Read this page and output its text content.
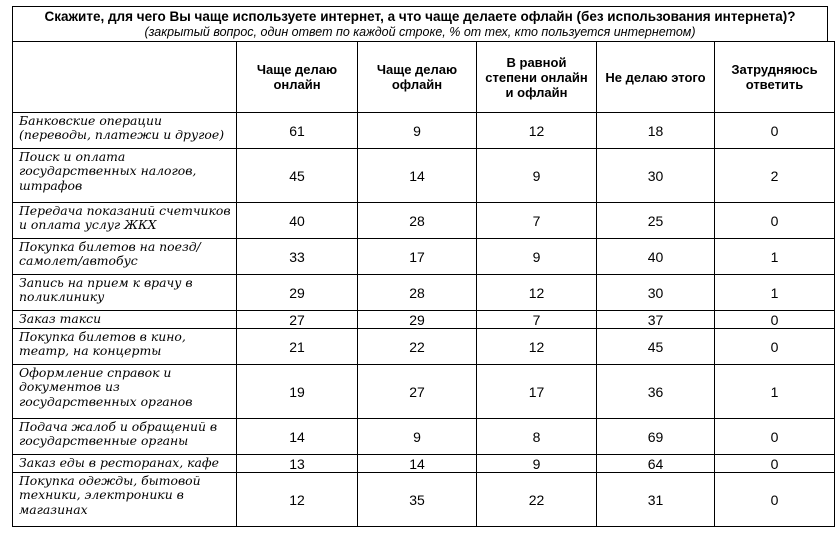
Скажите, для чего Вы чаще используете интернет, а что чаще делаете офлайн (без использования интернета)?
(закрытый вопрос, один ответ по каждой строке, % от тех, кто пользуется интернетом)
	Чаще делаю онлайн	Чаще делаю офлайн	В равной степени онлайн и офлайн	Не делаю этого	Затрудняюсь ответить
Банковские операции (переводы, платежи и другое)	61	9	12	18	0
Поиск и оплата государственных налогов, штрафов	45	14	9	30	2
Передача показаний счетчиков и оплата услуг ЖКХ	40	28	7	25	0
Покупка билетов на поезд/самолет/автобус	33	17	9	40	1
Запись на прием к врачу в поликлинику	29	28	12	30	1
Заказ такси	27	29	7	37	0
Покупка билетов в кино, театр, на концерты	21	22	12	45	0
Оформление справок и документов из государственных органов	19	27	17	36	1
Подача жалоб и обращений в государственные органы	14	9	8	69	0
Заказ еды в ресторанах, кафе	13	14	9	64	0
Покупка одежды, бытовой техники, электроники в магазинах	12	35	22	31	0
